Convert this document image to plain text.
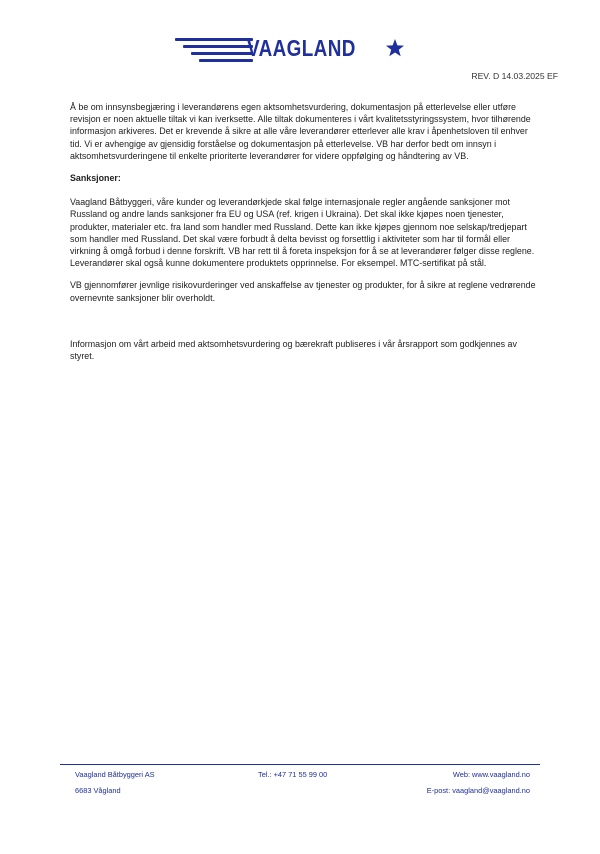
VAAGLAND
REV. D 14.03.2025 EF

Å be om innsynsbegjæring i leverandørens egen aktsomhetsvurdering, dokumentasjon på etterlevelse eller utføre revisjon er noen aktuelle tiltak vi kan iverksette. Alle tiltak dokumenteres i vårt kvalitetsstyringssystem, hvor tilhørende informasjon arkiveres. Det er krevende å sikre at alle våre leverandører etterlever alle krav i åpenhetsloven til enhver tid. Vi er avhengige av gjensidig forståelse og dokumentasjon på etterlevelse. VB har derfor bedt om innsyn i aktsomhetsvurderingene til enkelte prioriterte leverandører for videre oppfølging og håndtering av VB.

Sanksjoner:

Vaagland Båtbyggeri, våre kunder og leverandørkjede skal følge internasjonale regler angående sanksjoner mot Russland og andre lands sanksjoner fra EU og USA (ref. krigen i Ukraina). Det skal ikke kjøpes noen tjenester, produkter, materialer etc. fra land som handler med Russland. Dette kan ikke kjøpes gjennom noe selskap/tredjepart som handler med Russland. Det skal være forbudt å delta bevisst og forsettlig i aktiviteter som har til formål eller virkning å omgå forbud i denne forskrift. VB har rett til å foreta inspeksjon for å se at leverandører følger disse reglene. Leverandører skal også kunne dokumentere produktets opprinnelse. For eksempel. MTC-sertifikat på stål.

VB gjennomfører jevnlige risikovurderinger ved anskaffelse av tjenester og produkter, for å sikre at reglene vedrørende overnevnte sanksjoner blir overholdt.

Informasjon om vårt arbeid med aktsomhetsvurdering og bærekraft publiseres i vår årsrapport som godkjennes av styret.

Vaagland Båtbyggeri AS	Tel.: +47 71 55 99 00	Web: www.vaagland.no
6683 Vågland	E-post: vaagland@vaagland.no
